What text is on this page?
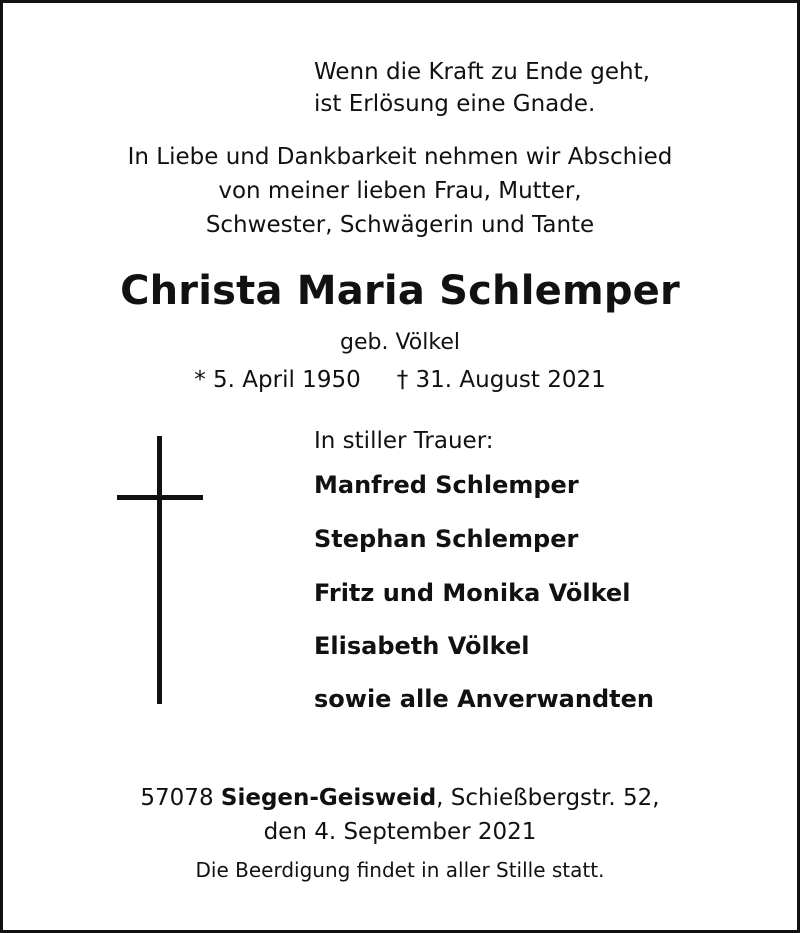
Wenn die Kraft zu Ende geht,
ist Erlösung eine Gnade.
In Liebe und Dankbarkeit nehmen wir Abschied
von meiner lieben Frau, Mutter,
Schwester, Schwägerin und Tante
Christa Maria Schlemper
geb. Völkel
* 5. April 1950 † 31. August 2021
In stiller Trauer:
Manfred Schlemper
Stephan Schlemper
Fritz und Monika Völkel
Elisabeth Völkel
sowie alle Anverwandten
57078 Siegen-Geisweid, Schießbergstr. 52,
den 4. September 2021
Die Beerdigung findet in aller Stille statt.
